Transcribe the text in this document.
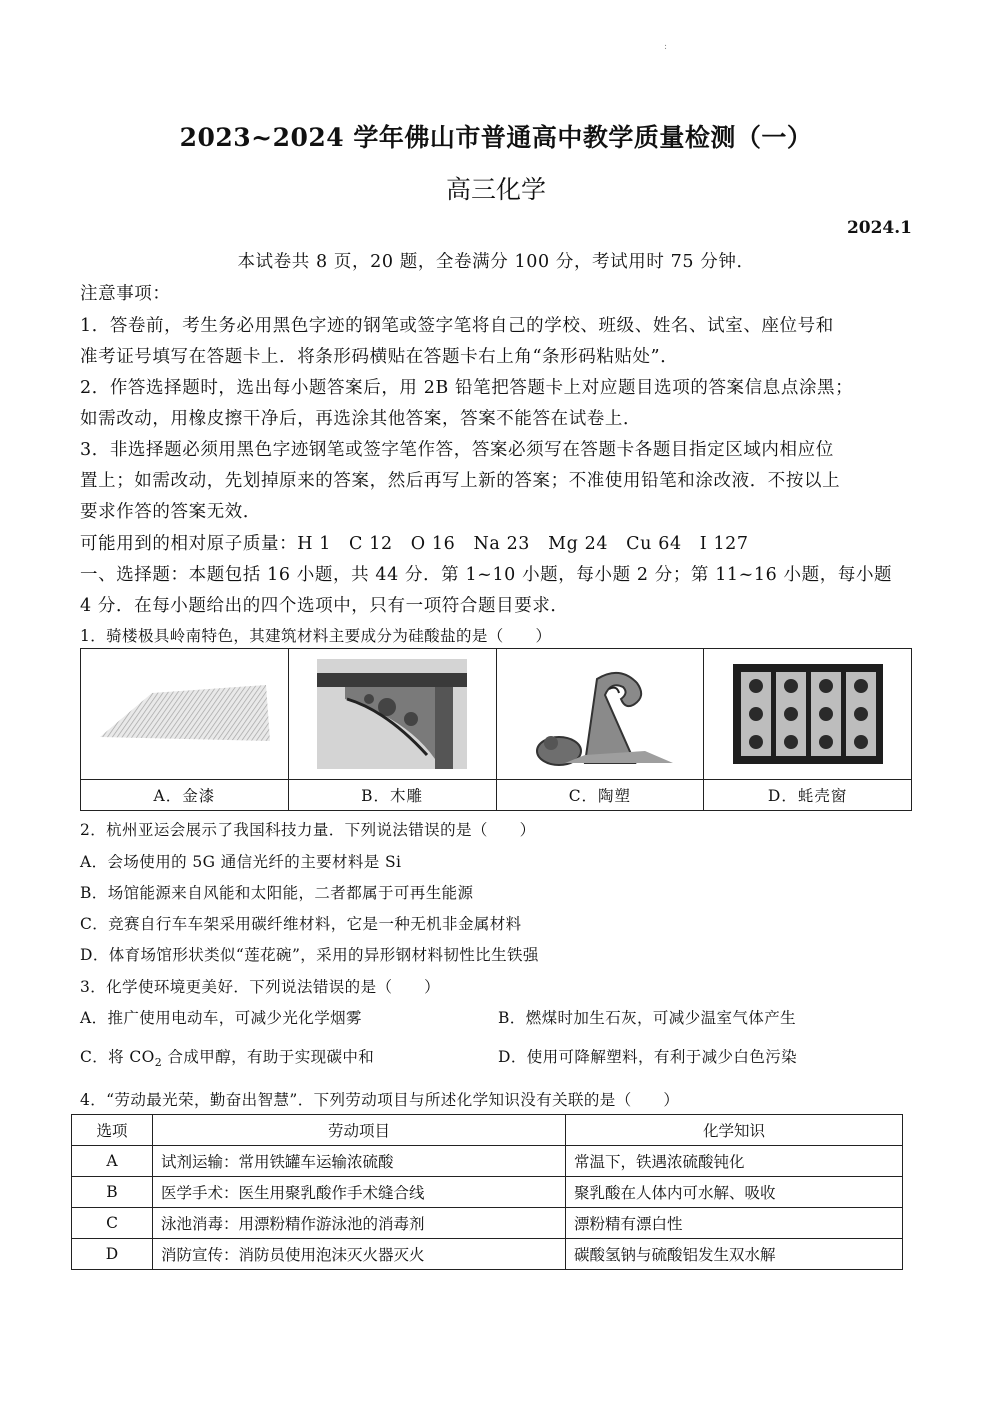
:
2023~2024 学年佛山市普通高中教学质量检测（一）
高三化学
2024.1
本试卷共 8 页，20 题，全卷满分 100 分，考试用时 75 分钟．
注意事项：
1．答卷前，考生务必用黑色字迹的钢笔或签字笔将自己的学校、班级、姓名、试室、座位号和
准考证号填写在答题卡上．将条形码横贴在答题卡右上角“条形码粘贴处”．
2．作答选择题时，选出每小题答案后，用 2B 铅笔把答题卡上对应题目选项的答案信息点涂黑；
如需改动，用橡皮擦干净后，再选涂其他答案，答案不能答在试卷上．
3．非选择题必须用黑色字迹钢笔或签字笔作答，答案必须写在答题卡各题目指定区域内相应位
置上；如需改动，先划掉原来的答案，然后再写上新的答案；不准使用铅笔和涂改液．不按以上
要求作答的答案无效．
可能用到的相对原子质量：H 1　C 12　O 16　Na 23　Mg 24　Cu 64　I 127
一、选择题：本题包括 16 小题，共 44 分．第 1~10 小题，每小题 2 分；第 11~16 小题，每小题
4 分．在每小题给出的四个选项中，只有一项符合题目要求．
1．骑楼极具岭南特色，其建筑材料主要成分为硅酸盐的是（　　）

A．金漆	B．木雕	C．陶塑	D．蚝壳窗
2．杭州亚运会展示了我国科技力量．下列说法错误的是（　　）
A．会场使用的 5G 通信光纤的主要材料是 Si
B．场馆能源来自风能和太阳能，二者都属于可再生能源
C．竞赛自行车车架采用碳纤维材料，它是一种无机非金属材料
D．体育场馆形状类似“莲花碗”，采用的异形钢材料韧性比生铁强
3．化学使环境更美好．下列说法错误的是（　　）
A．推广使用电动车，可减少光化学烟雾	B．燃煤时加生石灰，可减少温室气体产生
C．将 $CO_2$ 合成甲醇，有助于实现碳中和	D．使用可降解塑料，有利于减少白色污染
4．“劳动最光荣，勤奋出智慧”．下列劳动项目与所述化学知识没有关联的是（　　）
选项	劳动项目	化学知识
A	试剂运输：常用铁罐车运输浓硫酸	常温下，铁遇浓硫酸钝化
B	医学手术：医生用聚乳酸作手术缝合线	聚乳酸在人体内可水解、吸收
C	泳池消毒：用漂粉精作游泳池的消毒剂	漂粉精有漂白性
D	消防宣传：消防员使用泡沫灭火器灭火	碳酸氢钠与硫酸铝发生双水解
